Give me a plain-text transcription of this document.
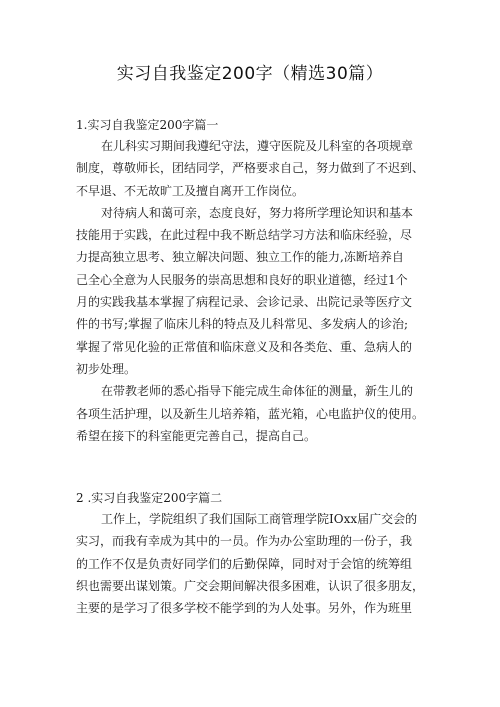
实习自我鉴定200字（精选30篇）
1.实习自我鉴定200字篇一

在儿科实习期间我遵纪守法，遵守医院及儿科室的各项规章
制度，尊敬师长，团结同学，严格要求自己，努力做到了不迟到、
不早退、不无故旷工及擅自离开工作岗位。

对待病人和蔼可亲，态度良好，努力将所学理论知识和基本
技能用于实践，在此过程中我不断总结学习方法和临床经验，尽
力提高独立思考、独立解决问题、独立工作的能力,冻断培养自
己全心全意为人民服务的崇高思想和良好的职业道德，经过1个
月的实践我基本掌握了病程记录、会诊记录、出院记录等医疗文
件的书写;掌握了临床儿科的特点及儿科常见、多发病人的诊治;
掌握了常见化验的正常值和临床意义及和各类危、重、急病人的
初步处理。

在带教老师的悉心指导下能完成生命体征的测量，新生儿的
各项生活护理，以及新生儿培养箱，蓝光箱，心电监护仪的使用。
希望在接下的科室能更完善自己，提高自己。

2 .实习自我鉴定200字篇二

工作上，学院组织了我们国际工商管理学院IOxx届广交会的
实习，而我有幸成为其中的一员。作为办公室助理的一份子，我
的工作不仅是负责好同学们的后勤保障，同时对于会馆的统筹组
织也需要出谋划策。广交会期间解决很多困难，认识了很多朋友，
主要的是学习了很多学校不能学到的为人处事。另外，作为班里
